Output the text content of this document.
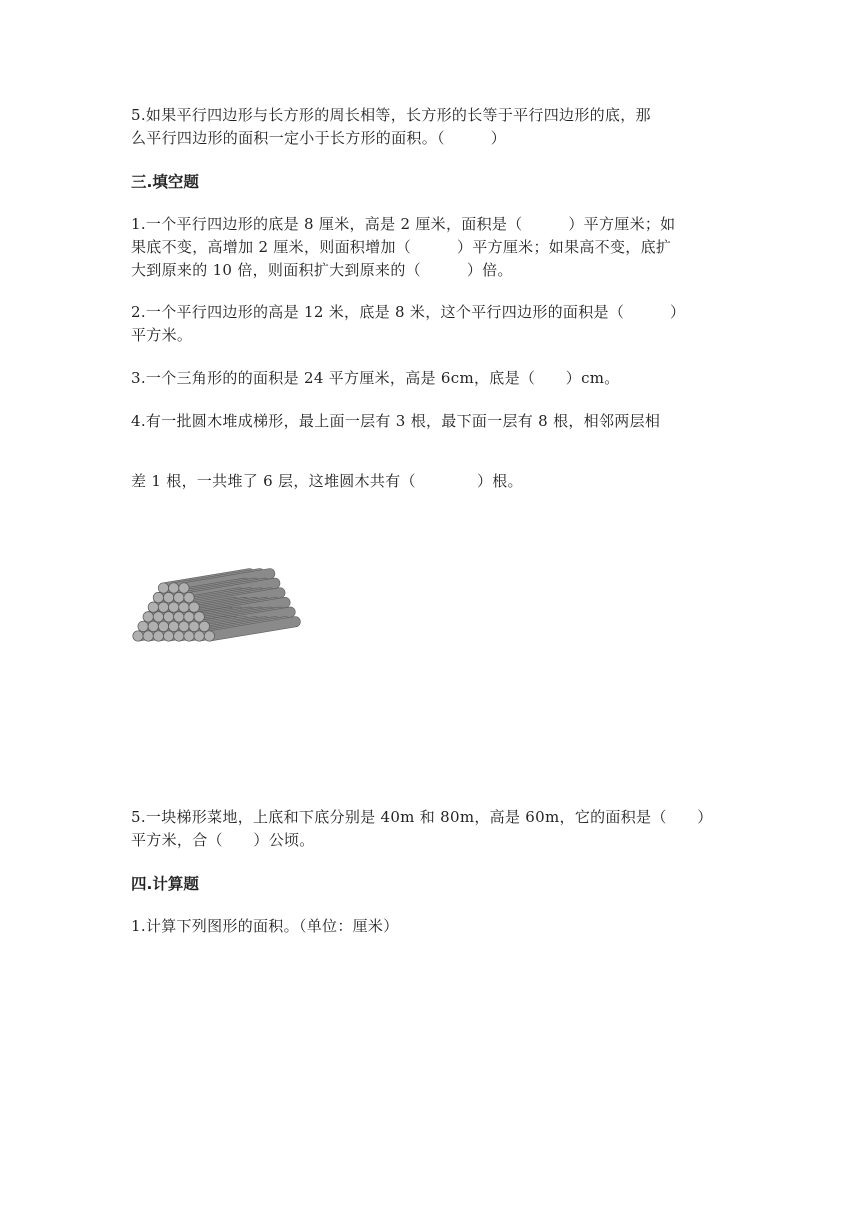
三.填空题
四.计算题
5.如果平行四边形与长方形的周长相等，长方形的长等于平行四边形的底，那
么平行四边形的面积一定小于长方形的面积。（　　　）
1.一个平行四边形的底是 8 厘米，高是 2 厘米，面积是（　　　）平方厘米；如
果底不变，高增加 2 厘米，则面积增加（　　　）平方厘米；如果高不变，底扩
大到原来的 10 倍，则面积扩大到原来的（　　　）倍。
2.一个平行四边形的高是 12 米，底是 8 米，这个平行四边形的面积是（　　　）
平方米。
3.一个三角形的的面积是 24 平方厘米，高是 6cm，底是（　　）cm。
4.有一批圆木堆成梯形，最上面一层有 3 根，最下面一层有 8 根，相邻两层相
差 1 根，一共堆了 6 层，这堆圆木共有（　　　　）根。
5.一块梯形菜地，上底和下底分别是 40m 和 80m，高是 60m，它的面积是（　　）
平方米，合（　　）公顷。
1.计算下列图形的面积。（单位：厘米）
